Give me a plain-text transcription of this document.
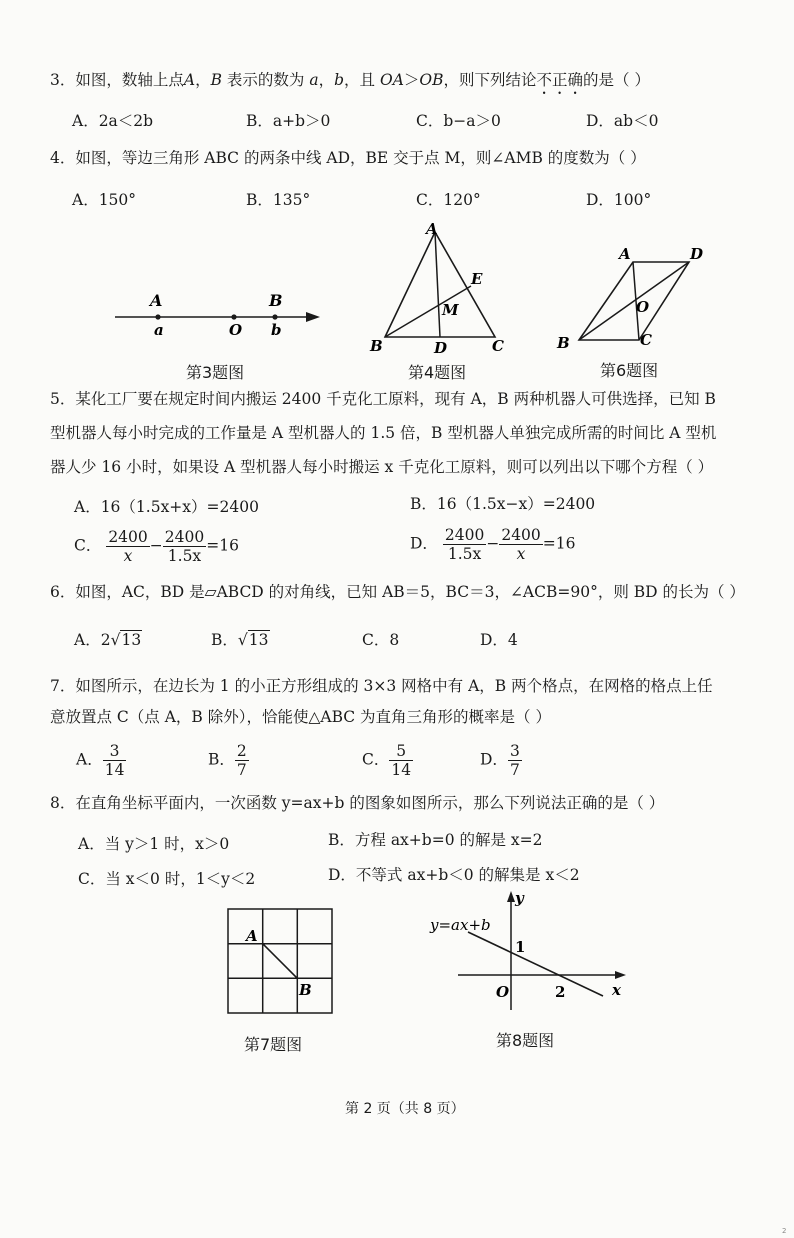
3．如图，数轴上点A，B 表示的数为 a，b，且 OA＞OB，则下列结论不正确的是（ ）
A．2a＜2b	B．a+b＞0	C．b−a＞0	D．ab＜0
4．如图，等边三角形 ABC 的两条中线 AD，BE 交于点 M，则∠AMB 的度数为（ ）
A．150°	B．135°	C．120°	D．100°
A
a	O
B
b
第3题图
A
B	C
D
E
M
第4题图
A	D
B	C
O
第6题图
5．某化工厂要在规定时间内搬运 2400 千克化工原料，现有 A，B 两种机器人可供选择，已知 B
型机器人每小时完成的工作量是 A 型机器人的 1.5 倍，B 型机器人单独完成所需的时间比 A 型机
器人少 16 小时，如果设 A 型机器人每小时搬运 x 千克化工原料，则可以列出以下哪个方程（ ）
A．16（1.5x+x）=2400	B．16（1.5x−x）=2400
C． $\frac{2400}{x} - \frac{2400}{1.5x} =16$	D． $\frac{2400}{1.5x} - \frac{2400}{x} =16$
6．如图，AC，BD 是▱ABCD 的对角线，已知 AB＝5，BC＝3，∠ACB=90°，则 BD 的长为（ ）
A．2√13	B．√13	C．8	D．4
7．如图所示，在边长为 1 的小正方形组成的 3×3 网格中有 A，B 两个格点，在网格的格点上任
意放置点 C（点 A，B 除外），恰能使△ABC 为直角三角形的概率是（ ）
A． $\frac{3}{14}$	B． $\frac{2}{7}$	C． $\frac{5}{14}$	D． $\frac{3}{7}$
8．在直角坐标平面内，一次函数 y=ax+b 的图象如图所示，那么下列说法正确的是（ ）
A．当 y＞1 时，x＞0	B．方程 ax+b=0 的解是 x=2
C．当 x＜0 时，1＜y＜2	D．不等式 ax+b＜0 的解集是 x＜2
A
B
第7题图
y=ax+b
y
x
O
1
2
第8题图
第 2 页（共 8 页）
2
